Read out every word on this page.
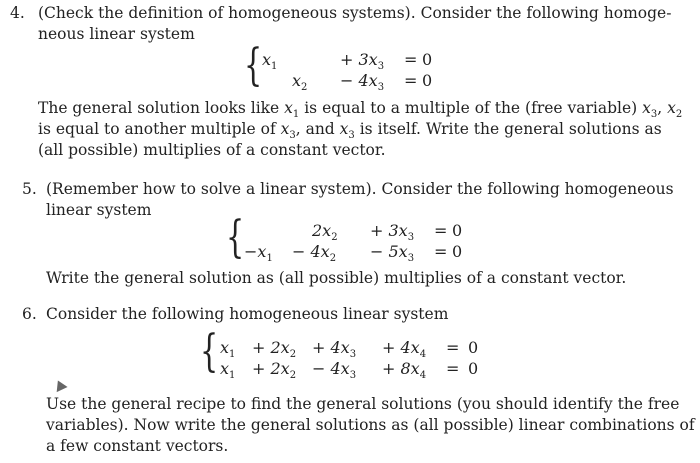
4. (Check the definition of homogeneous systems). Consider the following homoge-
neous linear system
{ $x_1$	+ $3x_3 = 0$
$x_2 - 4x_3 = 0$
The general solution looks like $x_1$ is equal to a multiple of the (free variable) $x_3$, $x_2$
is equal to another multiple of $x_3$, and $x_3$ is itself. Write the general solutions as
(all possible) multiplies of a constant vector.
5. (Remember how to solve a linear system). Consider the following homogeneous
linear system
{	$2x_2 + 3x_3 = 0$
$-x_1 - 4x_2 - 5x_3 = 0$
Write the general solution as (all possible) multiplies of a constant vector.
6. Consider the following homogeneous linear system
{ $x_1 + 2x_2 + 4x_3 + 4x_4 = 0$
$x_1 + 2x_2 - 4x_3 + 8x_4 = 0$
Use the general recipe to find the general solutions (you should identify the free
variables). Now write the general solutions as (all possible) linear combinations of
a few constant vectors.
